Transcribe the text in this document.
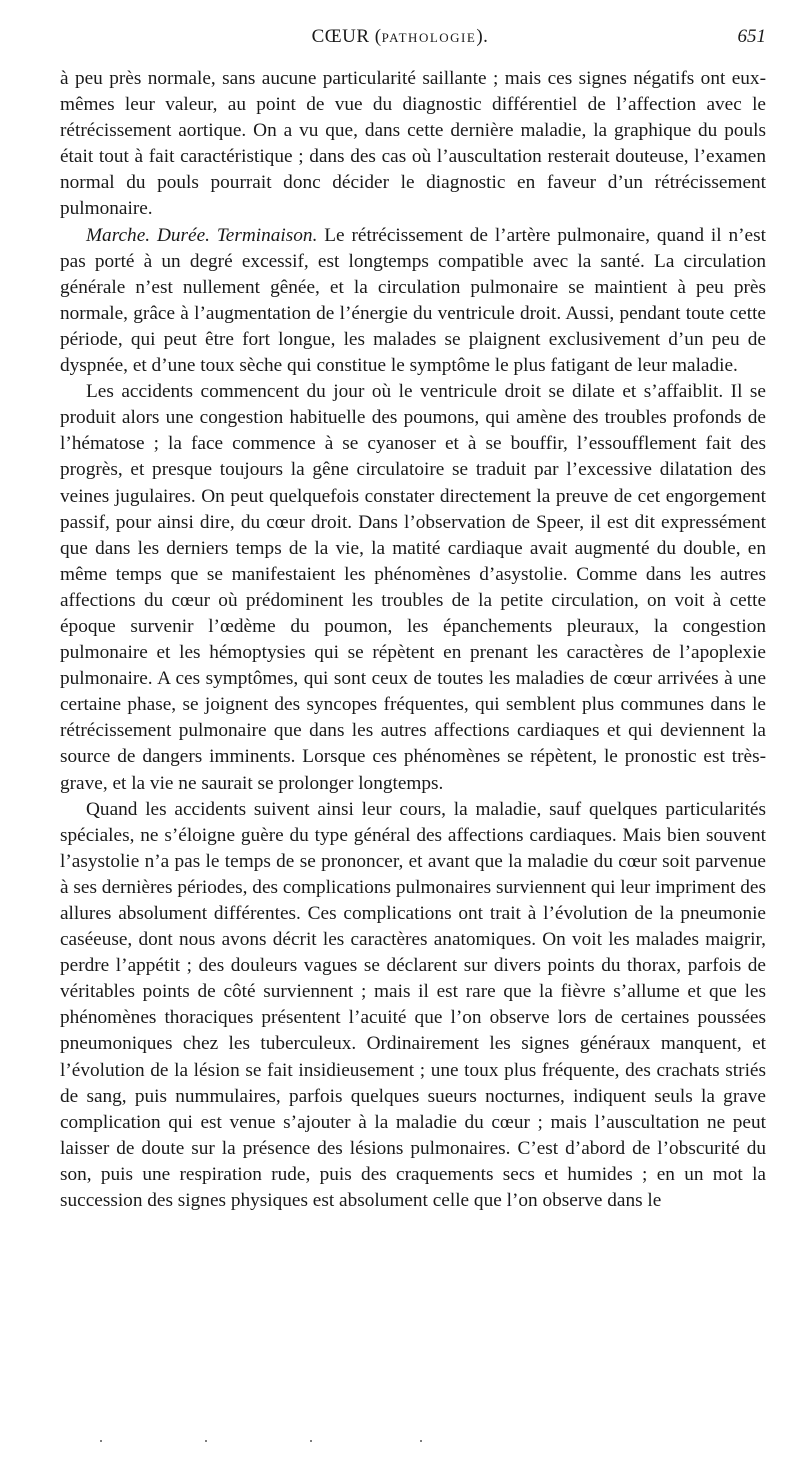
CŒUR (PATHOLOGIE).	651

à peu près normale, sans aucune particularité saillante ; mais ces signes négatifs ont eux-mêmes leur valeur, au point de vue du diagnostic différentiel de l’affection avec le rétrécissement aortique. On a vu que, dans cette dernière maladie, la graphique du pouls était tout à fait caractéristique ; dans des cas où l’auscultation resterait douteuse, l’examen normal du pouls pourrait donc décider le diagnostic en faveur d’un rétrécissement pulmonaire.

Marche. Durée. Terminaison. Le rétrécissement de l’artère pulmonaire, quand il n’est pas porté à un degré excessif, est longtemps compatible avec la santé. La circulation générale n’est nullement gênée, et la circulation pulmonaire se maintient à peu près normale, grâce à l’augmentation de l’énergie du ventricule droit. Aussi, pendant toute cette période, qui peut être fort longue, les malades se plaignent exclusivement d’un peu de dyspnée, et d’une toux sèche qui constitue le symptôme le plus fatigant de leur maladie.

Les accidents commencent du jour où le ventricule droit se dilate et s’affaiblit. Il se produit alors une congestion habituelle des poumons, qui amène des troubles profonds de l’hématose ; la face commence à se cyanoser et à se bouffir, l’essoufflement fait des progrès, et presque toujours la gêne circulatoire se traduit par l’excessive dilatation des veines jugulaires. On peut quelquefois constater directement la preuve de cet engorgement passif, pour ainsi dire, du cœur droit. Dans l’observation de Speer, il est dit expressément que dans les derniers temps de la vie, la matité cardiaque avait augmenté du double, en même temps que se manifestaient les phénomènes d’asystolie. Comme dans les autres affections du cœur où prédominent les troubles de la petite circulation, on voit à cette époque survenir l’œdème du poumon, les épanchements pleuraux, la congestion pulmonaire et les hémoptysies qui se répètent en prenant les caractères de l’apoplexie pulmonaire. A ces symptômes, qui sont ceux de toutes les maladies de cœur arrivées à une certaine phase, se joignent des syncopes fréquentes, qui semblent plus communes dans le rétrécissement pulmonaire que dans les autres affections cardiaques et qui deviennent la source de dangers imminents. Lorsque ces phénomènes se répètent, le pronostic est très-grave, et la vie ne saurait se prolonger longtemps.

Quand les accidents suivent ainsi leur cours, la maladie, sauf quelques particularités spéciales, ne s’éloigne guère du type général des affections cardiaques. Mais bien souvent l’asystolie n’a pas le temps de se prononcer, et avant que la maladie du cœur soit parvenue à ses dernières périodes, des complications pulmonaires surviennent qui leur impriment des allures absolument différentes. Ces complications ont trait à l’évolution de la pneumonie caséeuse, dont nous avons décrit les caractères anatomiques. On voit les malades maigrir, perdre l’appétit ; des douleurs vagues se déclarent sur divers points du thorax, parfois de véritables points de côté surviennent ; mais il est rare que la fièvre s’allume et que les phénomènes thoraciques présentent l’acuité que l’on observe lors de certaines poussées pneumoniques chez les tuberculeux. Ordinairement les signes généraux manquent, et l’évolution de la lésion se fait insidieusement ; une toux plus fréquente, des crachats striés de sang, puis nummulaires, parfois quelques sueurs nocturnes, indiquent seuls la grave complication qui est venue s’ajouter à la maladie du cœur ; mais l’auscultation ne peut laisser de doute sur la présence des lésions pulmonaires. C’est d’abord de l’obscurité du son, puis une respiration rude, puis des craquements secs et humides ; en un mot la succession des signes physiques est absolument celle que l’on observe dans le
